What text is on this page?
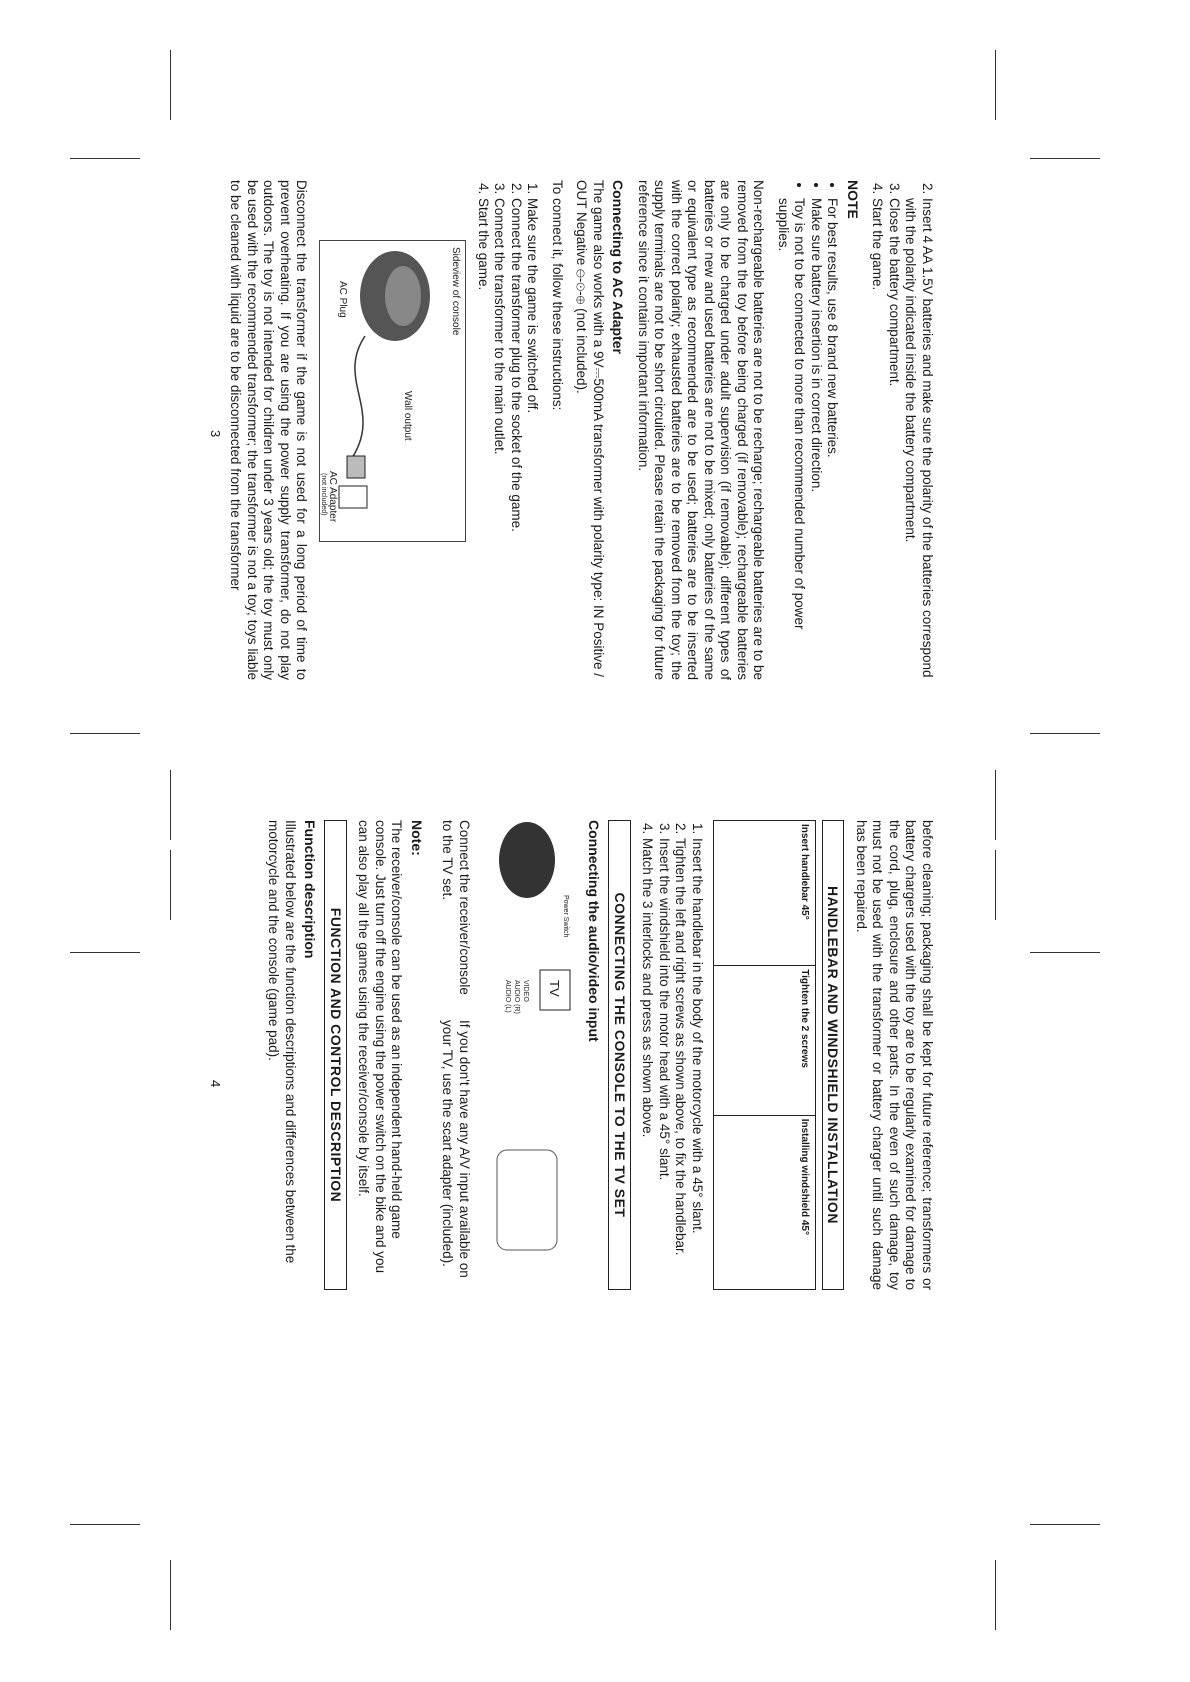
2. Insert 4 AA 1.5V batteries and make sure the polarity of the batteries correspond with the polarity indicated inside the battery compartment.
3. Close the battery compartment.
4. Start the game.
NOTE
• For best results, use 8 brand new batteries.
• Make sure battery insertion is in correct direction.
• Toy is not to be connected to more than recommended number of power supplies.

Non-rechargeable batteries are not to be recharge; rechargeable batteries are to be removed from the toy before being charged (if removable); rechargeable batteries are only to be charged under adult supervision (if removable); different types of batteries or new and used batteries are not to be mixed; only batteries of the same or equivalent type as recommended are to be used; batteries are to be inserted with the correct polarity; exhausted batteries are to be removed from the toy; the supply terminals are not to be short circuited. Please retain the packaging for future reference since it contains important information.

Connecting to AC Adapter

The game also works with a 9V⎓500mA transformer with polarity type: IN Positive / OUT Negative ⊖-⊙-⊕ (not included).

To connect it, follow these instructions:

1. Make sure the game is switched off.
2. Connect the transformer plug to the socket of the game.
3. Connect the transformer to the main outlet.
4. Start the game.
Sideview of console
Wall output
AC Plug
AC Adapter
(not included)

Disconnect the transformer if the game is not used for a long period of time to prevent overheating. If you are using the power supply transformer, do not play outdoors. The toy is not intended for children under 3 years old; the toy must only be used with the recommended transformer; the transformer is not a toy; toys liable to be cleaned with liquid are to be disconnected from the transformer

3

before cleaning; packaging shall be kept for future reference; transformers or battery chargers used with the toy are to be regularly examined for damage to the cord, plug, enclosure and other parts. In the even of such damage, toy must not be used with the transformer or battery charger until such damage has been repaired.

HANDLEBAR AND WINDSHIELD INSTALLATION
Insert handlebar 45°	Tighten the 2 screws	Installing windshield 45°
1. Insert the handlebar in the body of the motorcycle with a 45° slant.
2. Tighten the left and right screws as shown above, to fix the handlebar.
3. Insert the windshield into the motor head with a 45° slant.
4. Match the 3 interlocks and press as shown above.
CONNECTING THE CONSOLE TO THE TV SET
Connecting the audio/video input
Power Switch
TV
VIDEO
AUDIO (R)
AUDIO (L)

Connect the receiver/console to the TV set.

If you don't have any A/V input available on your TV, use the scart adapter (included).

Note:

The receiver/console can be used as an independent hand-held game console. Just turn off the engine using the power switch on the bike and you can also play all the games using the receiver/console by itself.

FUNCTION AND CONTROL DESCRIPTION
Function description

Illustrated below are the function descriptions and differences between the motorcycle and the console (game pad).

4
